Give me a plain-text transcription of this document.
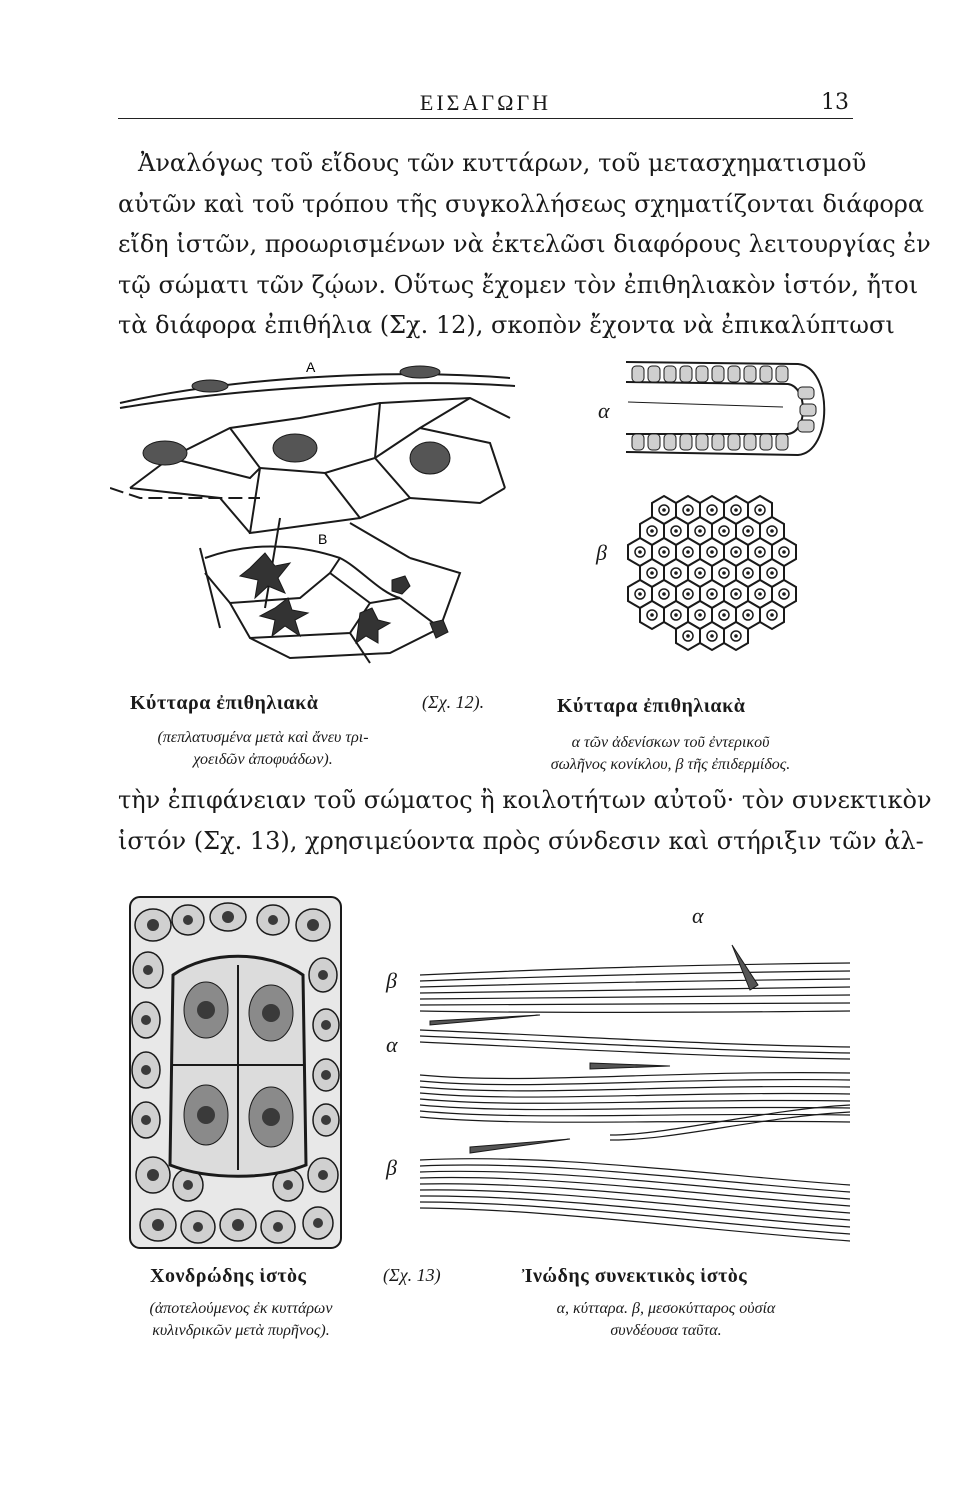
ΕΙΣΑΓΩΓΗ	13
Ἀναλόγως τοῦ εἴδους τῶν κυττάρων, τοῦ μετασχηματισμοῦ
αὐτῶν καὶ τοῦ τρόπου τῆς συγκολλήσεως σχηματίζονται διάφορα
εἴδη ἱστῶν, προωρισμένων νὰ ἐκτελῶσι διαφόρους λειτουργίας ἐν
τῷ σώματι τῶν ζῴων. Οὕτως ἔχομεν τὸν ἐπιθηλιακὸν ἱστόν, ἤτοι
τὰ διάφορα ἐπιθήλια (Σχ. 12), σκοπὸν ἔχοντα νὰ ἐπικαλύπτωσι
A
B
α
β
Κύτταρα ἐπιθηλιακὰ	(Σχ. 12).	Κύτταρα ἐπιθηλιακὰ
(πεπλατυσμένα μετὰ καὶ ἄνευ τρι-
χοειδῶν ἀποφυάδων).
α τῶν ἀδενίσκων τοῦ ἐντερικοῦ
σωλῆνος κονίκλου, β τῆς ἐπιδερμίδος.
τὴν ἐπιφάνειαν τοῦ σώματος ἢ κοιλοτήτων αὐτοῦ· τὸν συνεκτικὸν
ἱστόν (Σχ. 13), χρησιμεύοντα πρὸς σύνδεσιν καὶ στήριξιν τῶν ἀλ-
α
β
α
β
Χονδρώδης ἱστὸς	(Σχ. 13)	Ἰνώδης συνεκτικὸς ἱστὸς
(ἀποτελούμενος ἐκ κυττάρων
κυλινδρικῶν μετὰ πυρῆνος).
α, κύτταρα. β, μεσοκύτταρος οὐσία
συνδέουσα ταῦτα.
